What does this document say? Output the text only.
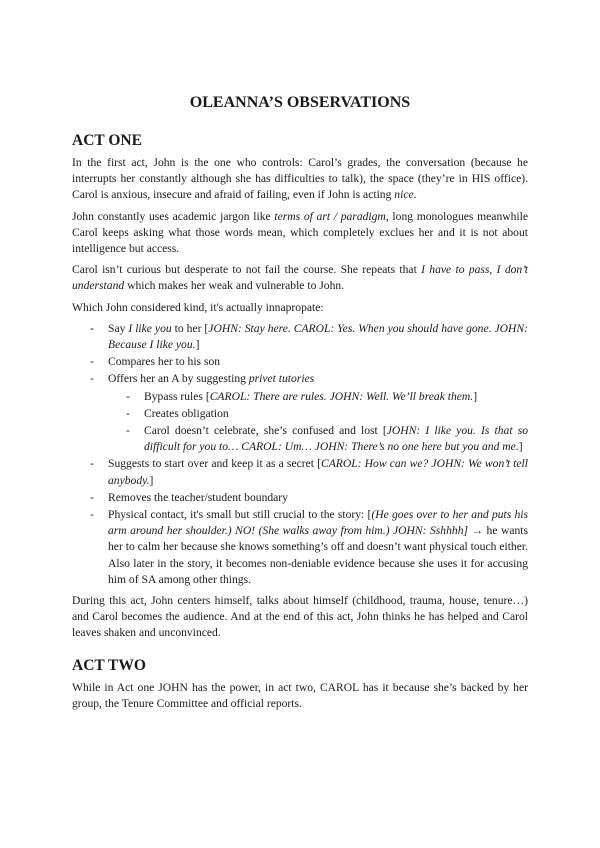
OLEANNA’S OBSERVATIONS
ACT ONE

In the first act, John is the one who controls: Carol’s grades, the conversation (because he interrupts her constantly although she has difficulties to talk), the space (they’re in HIS office). Carol is anxious, insecure and afraid of failing, even if John is acting nice.

John constantly uses academic jargon like terms of art / paradigm, long monologues meanwhile Carol keeps asking what those words mean, which completely exclues her and it is not about intelligence but access.

Carol isn’t curious but desperate to not fail the course. She repeats that I have to pass, I don’t understand which makes her weak and vulnerable to John.

Which John considered kind, it's actually innapropate:

- Say I like you to her [JOHN: Stay here. CAROL: Yes. When you should have gone. JOHN: Because I like you.]
- Compares her to his son
- Offers her an A by suggesting privet tutories
- Bypass rules [CAROL: There are rules. JOHN: Well. We’ll break them.]
- Creates obligation
- Carol doesn’t celebrate, she’s confused and lost [JOHN: I like you. Is that so difficult for you to… CAROL: Um… JOHN: There’s no one here but you and me.]
- Suggests to start over and keep it as a secret [CAROL: How can we? JOHN: We won’t tell anybody.]
- Removes the teacher/student boundary
- Physical contact, it's small but still crucial to the story: [(He goes over to her and puts his arm around her shoulder.) NO! (She walks away from him.) JOHN: Sshhhh] → he wants her to calm her because she knows something’s off and doesn’t want physical touch either. Also later in the story, it becomes non-deniable evidence because she uses it for accusing him of SA among other things.

During this act, John centers himself, talks about himself (childhood, trauma, house, tenure…) and Carol becomes the audience. And at the end of this act, John thinks he has helped and Carol leaves shaken and unconvinced.

ACT TWO

While in Act one JOHN has the power, in act two, CAROL has it because she’s backed by her group, the Tenure Committee and official reports.
